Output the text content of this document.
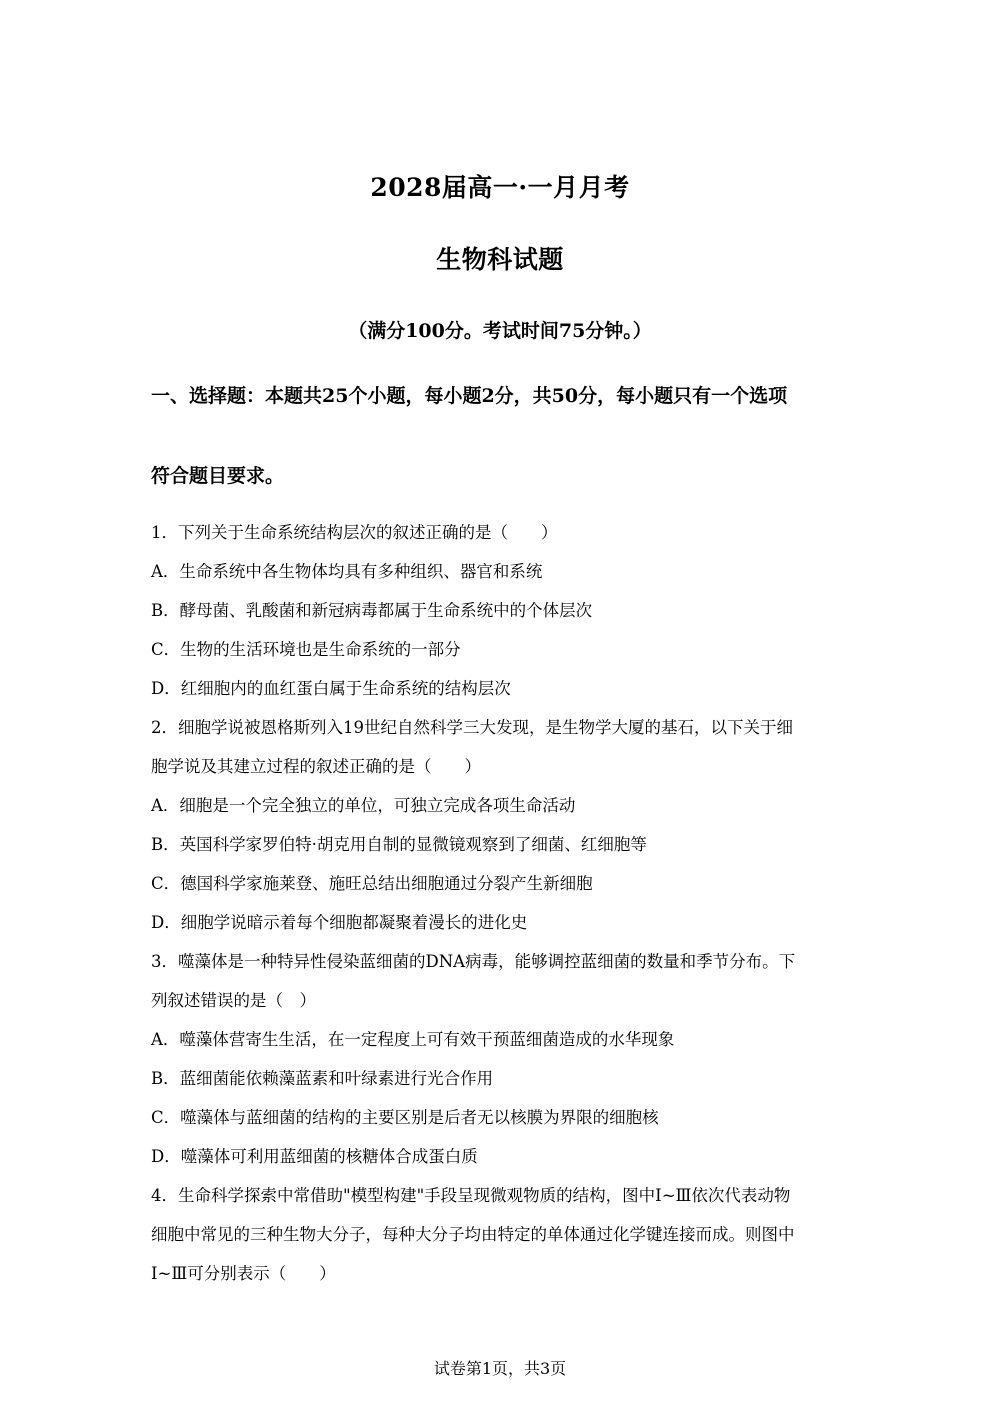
2028届高一·一月月考
生物科试题
（满分100分。考试时间75分钟。）
一、选择题：本题共25个小题，每小题2分，共50分，每小题只有一个选项
符合题目要求。
1．下列关于生命系统结构层次的叙述正确的是（　　）
A．生命系统中各生物体均具有多种组织、器官和系统
B．酵母菌、乳酸菌和新冠病毒都属于生命系统中的个体层次
C．生物的生活环境也是生命系统的一部分
D．红细胞内的血红蛋白属于生命系统的结构层次
2．细胞学说被恩格斯列入19世纪自然科学三大发现，是生物学大厦的基石，以下关于细
胞学说及其建立过程的叙述正确的是（　　）
A．细胞是一个完全独立的单位，可独立完成各项生命活动
B．英国科学家罗伯特·胡克用自制的显微镜观察到了细菌、红细胞等
C．德国科学家施莱登、施旺总结出细胞通过分裂产生新细胞
D．细胞学说暗示着每个细胞都凝聚着漫长的进化史
3．噬藻体是一种特异性侵染蓝细菌的DNA病毒，能够调控蓝细菌的数量和季节分布。下
列叙述错误的是（　）
A．噬藻体营寄生生活，在一定程度上可有效干预蓝细菌造成的水华现象
B．蓝细菌能依赖藻蓝素和叶绿素进行光合作用
C．噬藻体与蓝细菌的结构的主要区别是后者无以核膜为界限的细胞核
D．噬藻体可利用蓝细菌的核糖体合成蛋白质
4．生命科学探索中常借助"模型构建"手段呈现微观物质的结构，图中Ⅰ~Ⅲ依次代表动物
细胞中常见的三种生物大分子，每种大分子均由特定的单体通过化学键连接而成。则图中
Ⅰ~Ⅲ可分别表示（　　）
试卷第1页，共3页
